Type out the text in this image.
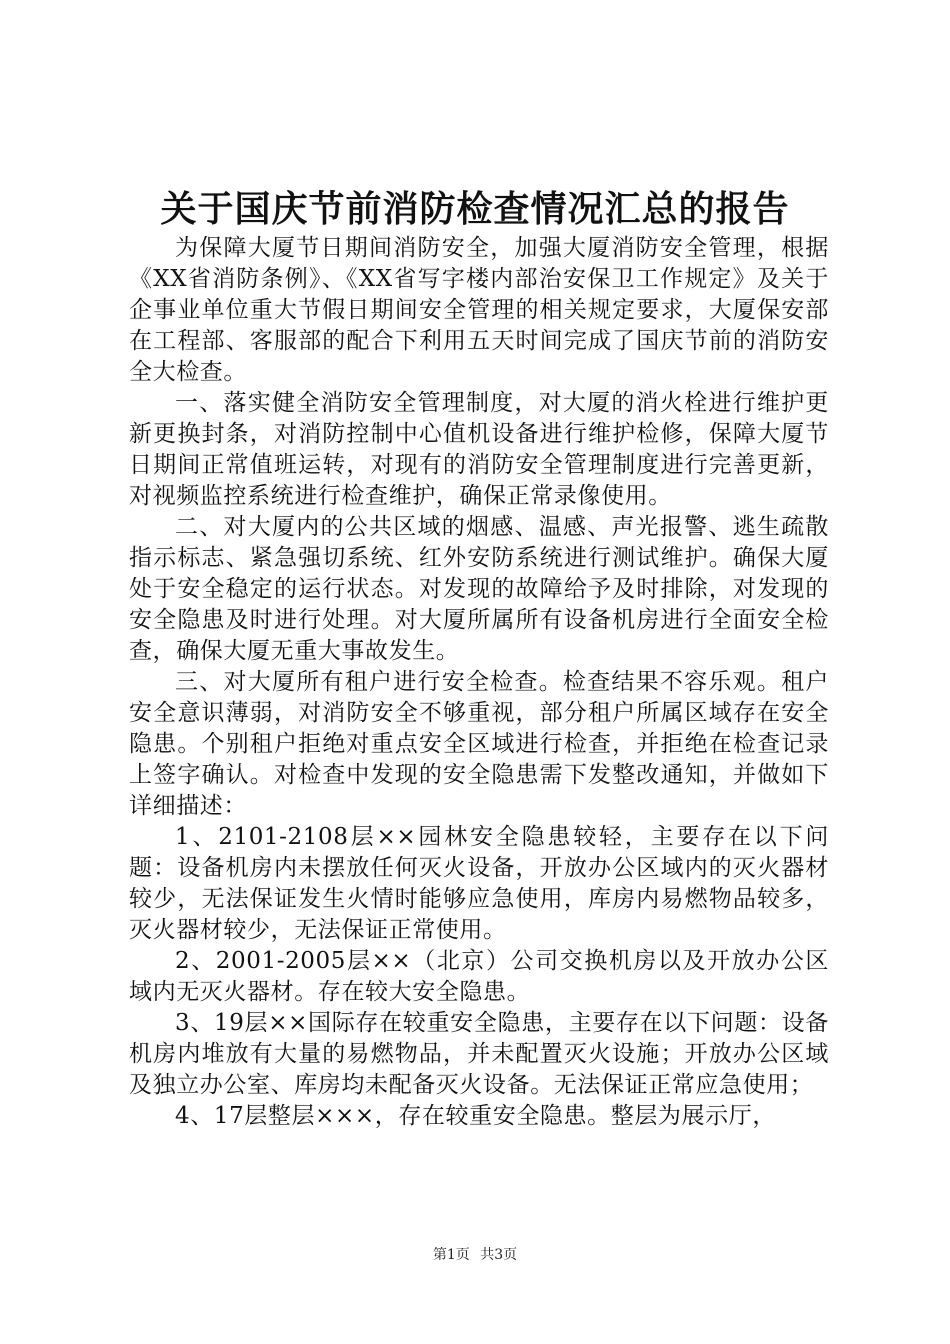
关于国庆节前消防检查情况汇总的报告

为保障大厦节日期间消防安全，加强大厦消防安全管理，根据《XX省消防条例》、《XX省写字楼内部治安保卫工作规定》及关于企事业单位重大节假日期间安全管理的相关规定要求，大厦保安部在工程部、客服部的配合下利用五天时间完成了国庆节前的消防安全大检查。

一、落实健全消防安全管理制度，对大厦的消火栓进行维护更新更换封条，对消防控制中心值机设备进行维护检修，保障大厦节日期间正常值班运转，对现有的消防安全管理制度进行完善更新，对视频监控系统进行检查维护，确保正常录像使用。

二、对大厦内的公共区域的烟感、温感、声光报警、逃生疏散指示标志、紧急强切系统、红外安防系统进行测试维护。确保大厦处于安全稳定的运行状态。对发现的故障给予及时排除，对发现的安全隐患及时进行处理。对大厦所属所有设备机房进行全面安全检查，确保大厦无重大事故发生。

三、对大厦所有租户进行安全检查。检查结果不容乐观。租户安全意识薄弱，对消防安全不够重视，部分租户所属区域存在安全隐患。个别租户拒绝对重点安全区域进行检查，并拒绝在检查记录上签字确认。对检查中发现的安全隐患需下发整改通知，并做如下详细描述：

1、2101-2108层××园林安全隐患较轻，主要存在以下问题：设备机房内未摆放任何灭火设备，开放办公区域内的灭火器材较少，无法保证发生火情时能够应急使用，库房内易燃物品较多，灭火器材较少，无法保证正常使用。

2、2001-2005层××（北京）公司交换机房以及开放办公区域内无灭火器材。存在较大安全隐患。

3、19层××国际存在较重安全隐患，主要存在以下问题：设备机房内堆放有大量的易燃物品，并未配置灭火设施；开放办公区域及独立办公室、库房均未配备灭火设备。无法保证正常应急使用；

4、17层整层×××，存在较重安全隐患。整层为展示厅，

第1页 共3页
